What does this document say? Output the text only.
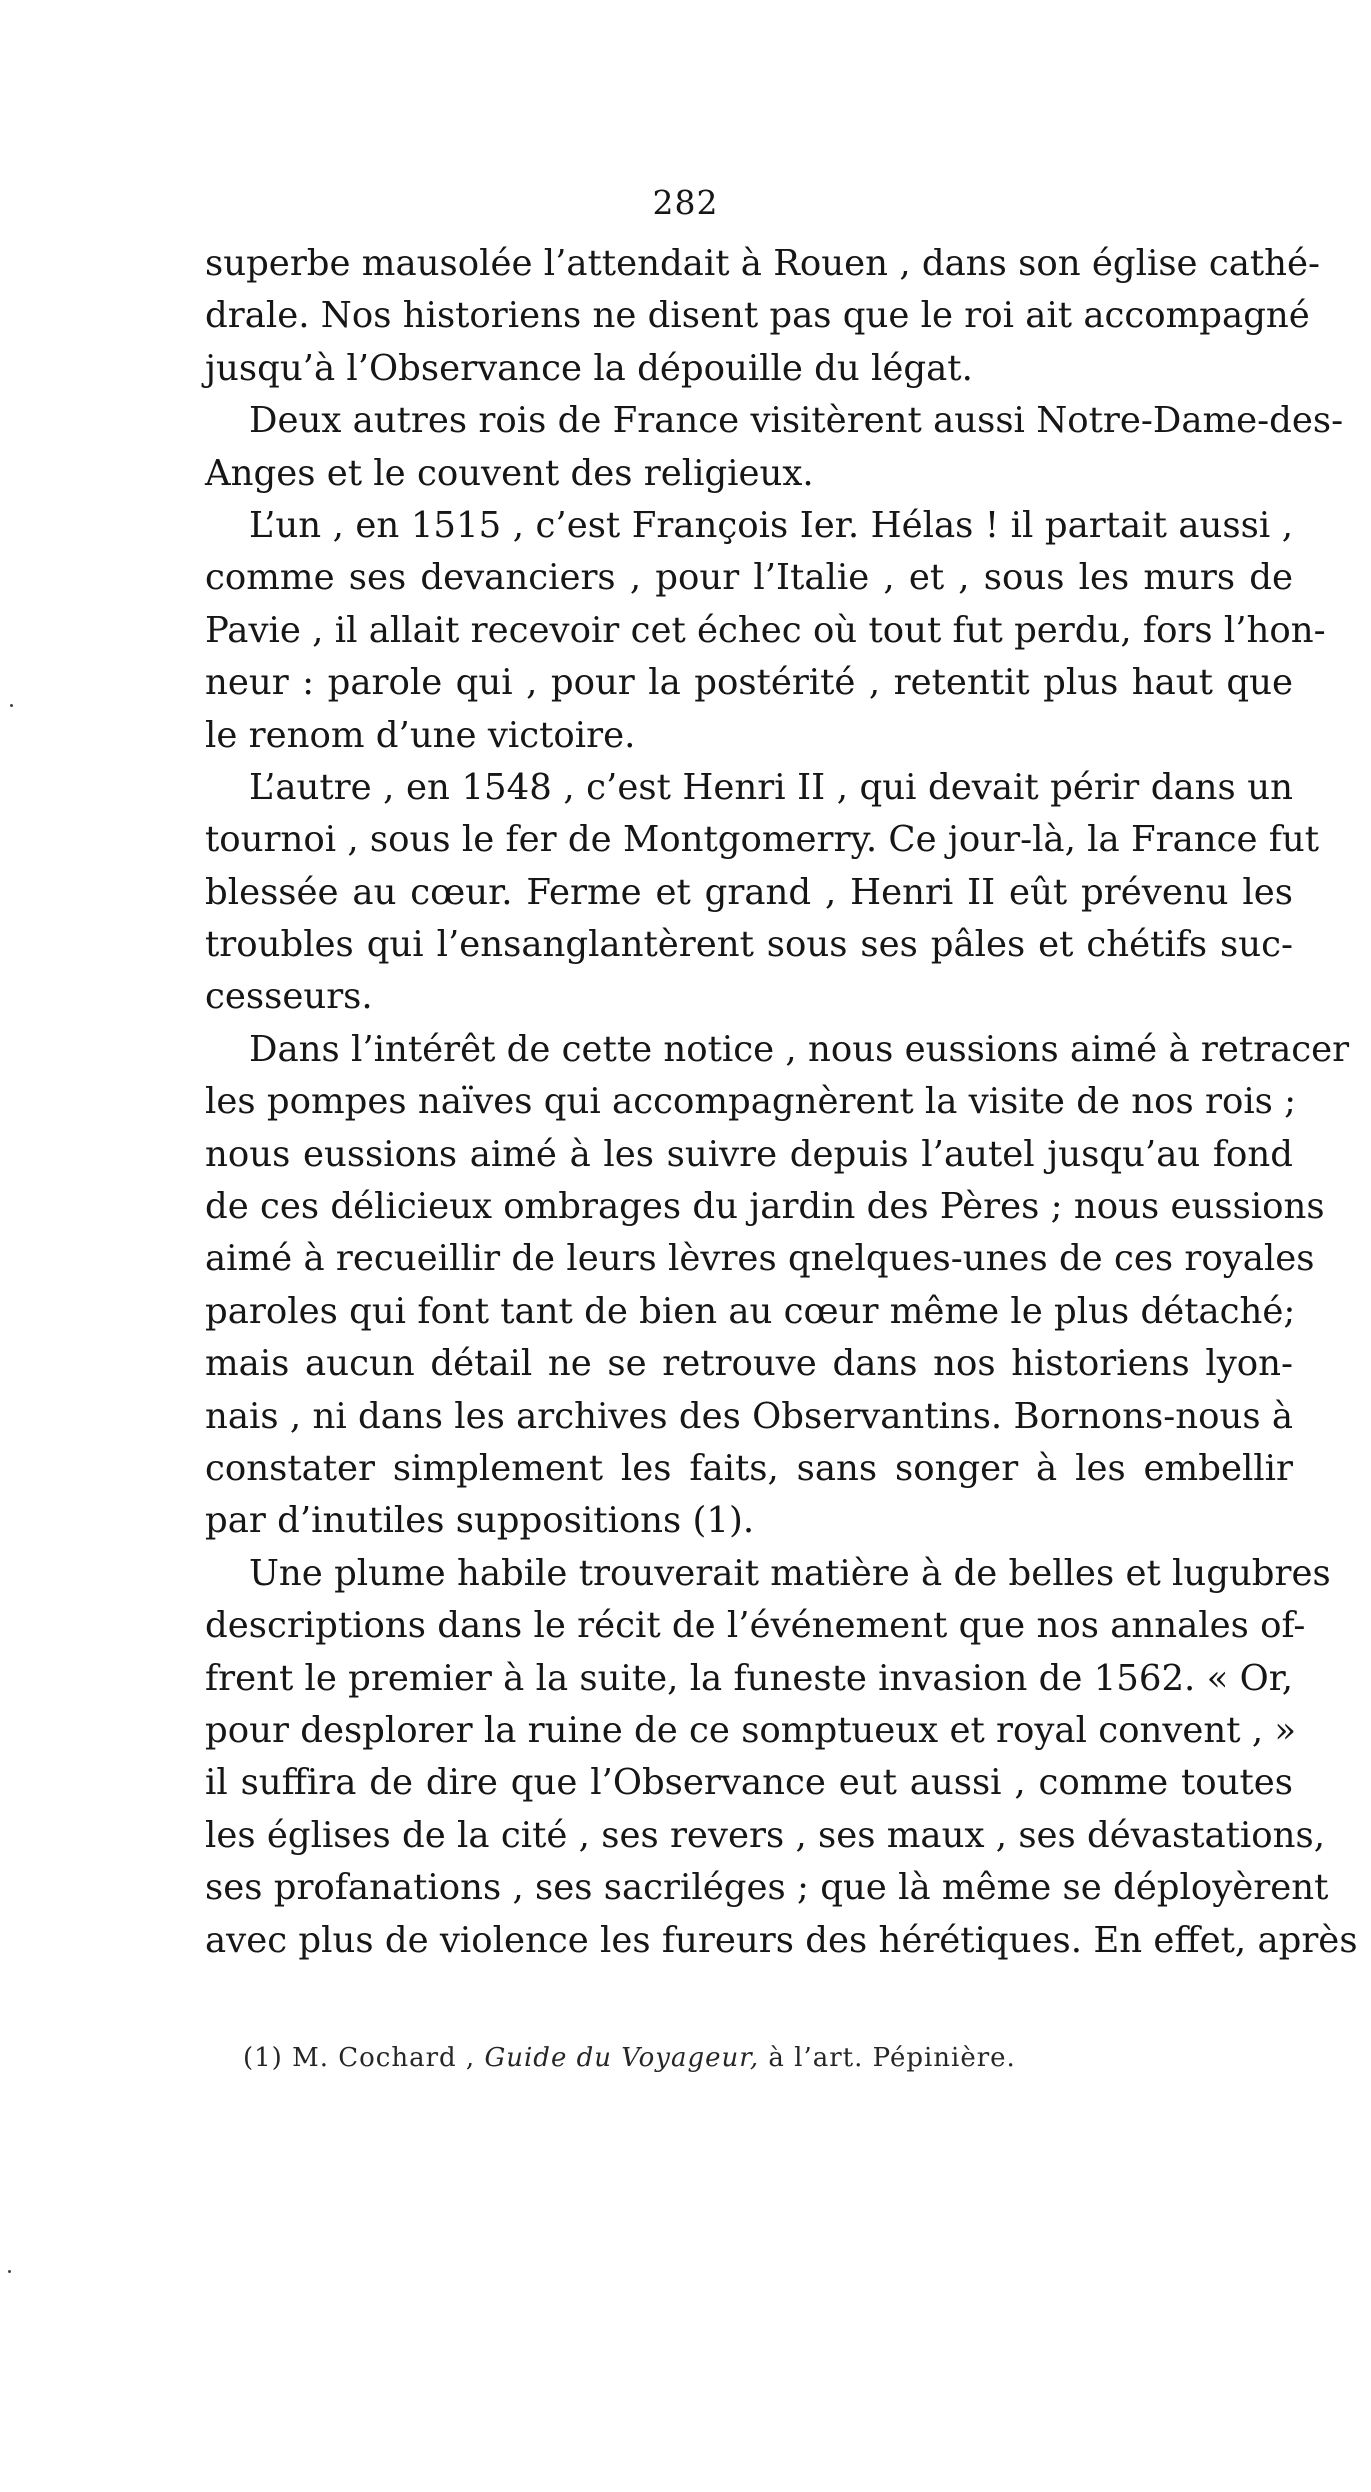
282
superbe mausolée l’attendait à Rouen , dans son église cathé-
drale. Nos historiens ne disent pas que le roi ait accompagné
jusqu’à l’Observance la dépouille du légat.
Deux autres rois de France visitèrent aussi Notre-Dame-des-
Anges et le couvent des religieux.
L’un , en 1515 , c’est François Ier. Hélas ! il partait aussi ,
comme ses devanciers , pour l’Italie , et , sous les murs de
Pavie , il allait recevoir cet échec où tout fut perdu, fors l’hon-
neur : parole qui , pour la postérité , retentit plus haut que
le renom d’une victoire.
L’autre , en 1548 , c’est Henri II , qui devait périr dans un
tournoi , sous le fer de Montgomerry. Ce jour-là, la France fut
blessée au cœur. Ferme et grand , Henri II eût prévenu les
troubles qui l’ensanglantèrent sous ses pâles et chétifs suc-
cesseurs.
Dans l’intérêt de cette notice , nous eussions aimé à retracer
les pompes naïves qui accompagnèrent la visite de nos rois ;
nous eussions aimé à les suivre depuis l’autel jusqu’au fond
de ces délicieux ombrages du jardin des Pères ; nous eussions
aimé à recueillir de leurs lèvres qnelques-unes de ces royales
paroles qui font tant de bien au cœur même le plus détaché;
mais aucun détail ne se retrouve dans nos historiens lyon-
nais , ni dans les archives des Observantins. Bornons-nous à
constater simplement les faits, sans songer à les embellir
par d’inutiles suppositions (1).
Une plume habile trouverait matière à de belles et lugubres
descriptions dans le récit de l’événement que nos annales of-
frent le premier à la suite, la funeste invasion de 1562. « Or,
pour desplorer la ruine de ce somptueux et royal convent , »
il suffira de dire que l’Observance eut aussi , comme toutes
les églises de la cité , ses revers , ses maux , ses dévastations,
ses profanations , ses sacriléges ; que là même se déployèrent
avec plus de violence les fureurs des hérétiques. En effet, après
(1) M. Cochard , Guide du Voyageur, à l’art. Pépinière.
